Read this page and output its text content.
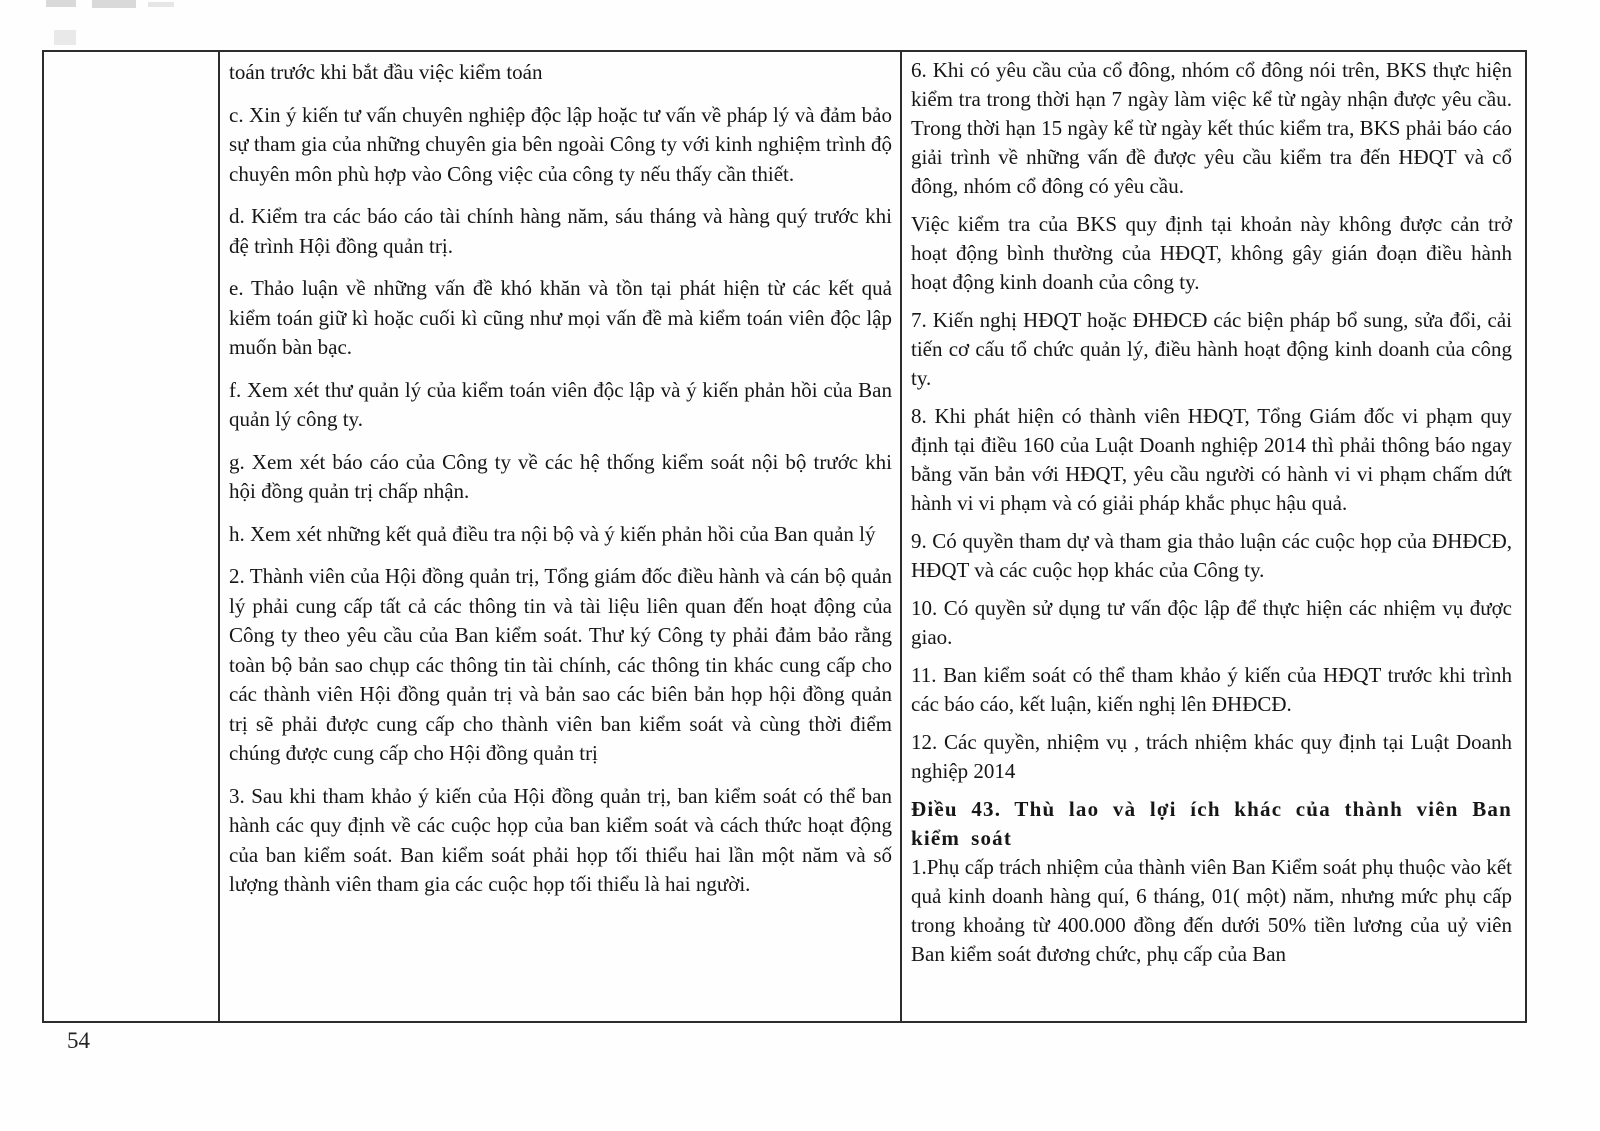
toán trước khi bắt đầu việc kiểm toán

c. Xin ý kiến tư vấn chuyên nghiệp độc lập hoặc tư vấn về pháp lý và đảm bảo sự tham gia của những chuyên gia bên ngoài Công ty với kinh nghiệm trình độ chuyên môn phù hợp vào Công việc của công ty nếu thấy cần thiết.

d. Kiểm tra các báo cáo tài chính hàng năm, sáu tháng và hàng quý trước khi đệ trình Hội đồng quản trị.

e. Thảo luận về những vấn đề khó khăn và tồn tại phát hiện từ các kết quả kiểm toán giữ kì hoặc cuối kì cũng như mọi vấn đề mà kiểm toán viên độc lập muốn bàn bạc.

f. Xem xét thư quản lý của kiểm toán viên độc lập và ý kiến phản hồi của Ban quản lý công ty.

g. Xem xét báo cáo của Công ty về các hệ thống kiểm soát nội bộ trước khi hội đồng quản trị chấp nhận.

h. Xem xét những kết quả điều tra nội bộ và ý kiến phản hồi của Ban quản lý

2. Thành viên của Hội đồng quản trị, Tổng giám đốc điều hành và cán bộ quản lý phải cung cấp tất cả các thông tin và tài liệu liên quan đến hoạt động của Công ty theo yêu cầu của Ban kiểm soát. Thư ký Công ty phải đảm bảo rằng toàn bộ bản sao chụp các thông tin tài chính, các thông tin khác cung cấp cho các thành viên Hội đồng quản trị và bản sao các biên bản họp hội đồng quản trị sẽ phải được cung cấp cho thành viên ban kiểm soát và cùng thời điểm chúng được cung cấp cho Hội đồng quản trị

3. Sau khi tham khảo ý kiến của Hội đồng quản trị, ban kiểm soát có thể ban hành các quy định về các cuộc họp của ban kiểm soát và cách thức hoạt động của ban kiểm soát. Ban kiểm soát phải họp tối thiểu hai lần một năm và số lượng thành viên tham gia các cuộc họp tối thiểu là hai người.

6. Khi có yêu cầu của cổ đông, nhóm cổ đông nói trên, BKS thực hiện kiểm tra trong thời hạn 7 ngày làm việc kể từ ngày nhận được yêu cầu. Trong thời hạn 15 ngày kể từ ngày kết thúc kiểm tra, BKS phải báo cáo giải trình về những vấn đề được yêu cầu kiểm tra đến HĐQT và cổ đông, nhóm cổ đông có yêu cầu.

Việc kiểm tra của BKS quy định tại khoản này không được cản trở hoạt động bình thường của HĐQT, không gây gián đoạn điều hành hoạt động kinh doanh của công ty.

7. Kiến nghị HĐQT hoặc ĐHĐCĐ các biện pháp bổ sung, sửa đổi, cải tiến cơ cấu tổ chức quản lý, điều hành hoạt động kinh doanh của công ty.

8. Khi phát hiện có thành viên HĐQT, Tổng Giám đốc vi phạm quy định tại điều 160 của Luật Doanh nghiệp 2014 thì phải thông báo ngay bằng văn bản với HĐQT, yêu cầu người có hành vi vi phạm chấm dứt hành vi vi phạm và có giải pháp khắc phục hậu quả.

9. Có quyền tham dự và tham gia thảo luận các cuộc họp của ĐHĐCĐ, HĐQT và các cuộc họp khác của Công ty.

10. Có quyền sử dụng tư vấn độc lập để thực hiện các nhiệm vụ được giao.

11. Ban kiểm soát có thể tham khảo ý kiến của HĐQT trước khi trình các báo cáo, kết luận, kiến nghị lên ĐHĐCĐ.

12. Các quyền, nhiệm vụ , trách nhiệm khác quy định tại Luật Doanh nghiệp 2014

Điều 43. Thù lao và lợi ích khác của thành viên Ban kiểm soát

1.Phụ cấp trách nhiệm của thành viên Ban Kiểm soát phụ thuộc vào kết quả kinh doanh hàng quí, 6 tháng, 01( một) năm, nhưng mức phụ cấp trong khoảng từ 400.000 đồng đến dưới 50% tiền lương của uỷ viên Ban kiểm soát đương chức, phụ cấp của Ban

54
